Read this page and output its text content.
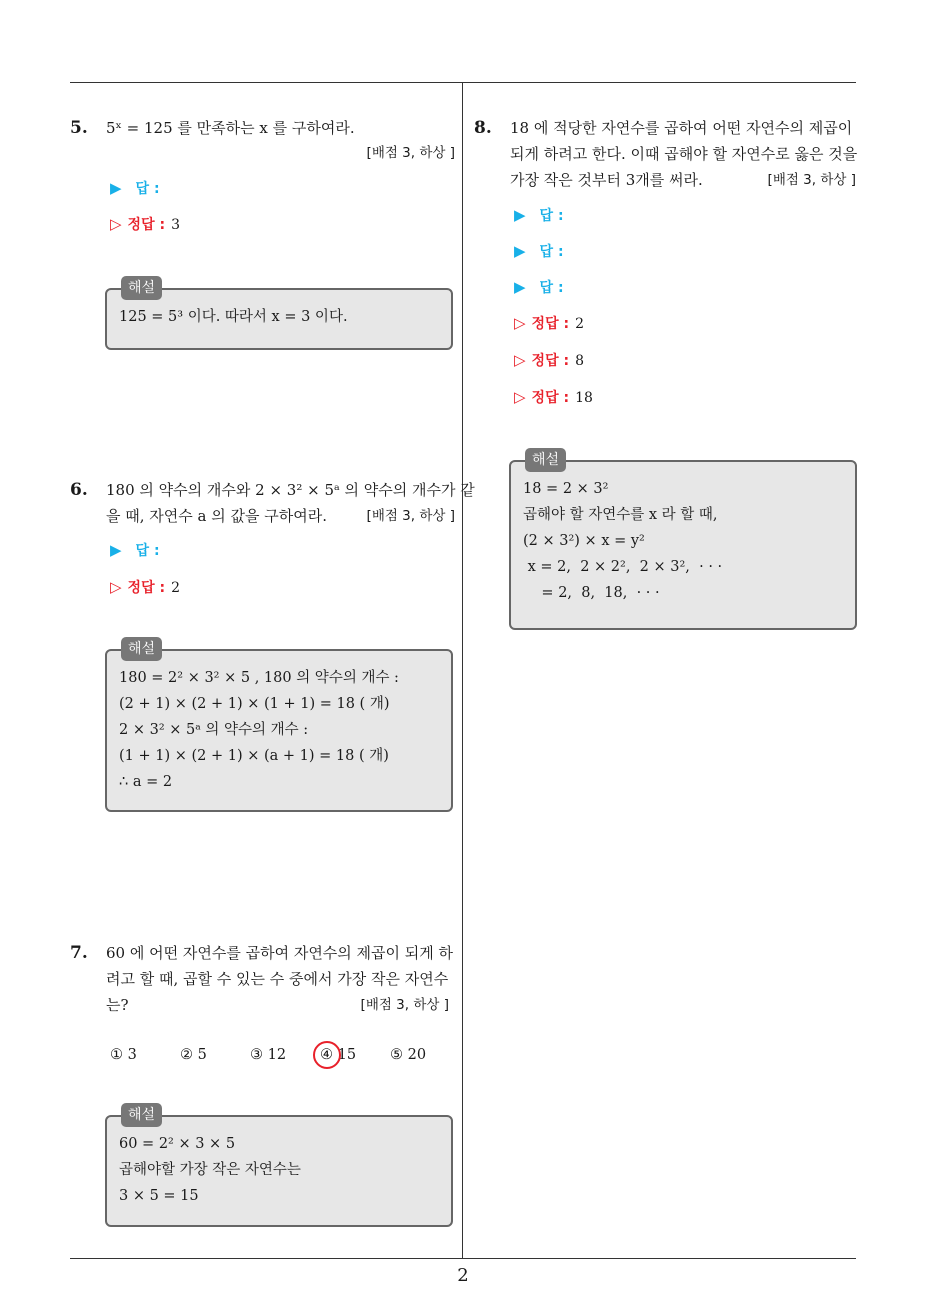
5. 5ˣ = 125 를 만족하는 x 를 구하여라.
[배점 3, 하상 ]
▶ 답 :
▷ 정답 : 3
해설
125 = 5³ 이다. 따라서 x = 3 이다.
6. 180 의 약수의 개수와 2 × 3² × 5ᵃ 의 약수의 개수가 같
을 때, 자연수 a 의 값을 구하여라.	[배점 3, 하상 ]
▶ 답 :
▷ 정답 : 2
해설
180 = 2² × 3² × 5 , 180 의 약수의 개수 :
(2 + 1) × (2 + 1) × (1 + 1) = 18 ( 개)
2 × 3² × 5ᵃ 의 약수의 개수 :
(1 + 1) × (2 + 1) × (a + 1) = 18 ( 개)
∴ a = 2
7. 60 에 어떤 자연수를 곱하여 자연수의 제곱이 되게 하
려고 할 때, 곱할 수 있는 수 중에서 가장 작은 자연수
는?	[배점 3, 하상 ]
① 3	② 5	③ 12 ④ 15 ⑤ 20
해설
60 = 2² × 3 × 5
곱해야할 가장 작은 자연수는
3 × 5 = 15
8. 18 에 적당한 자연수를 곱하여 어떤 자연수의 제곱이
되게 하려고 한다. 이때 곱해야 할 자연수로 옳은 것을
가장 작은 것부터 3개를 써라.	[배점 3, 하상 ]
▶ 답 :
▶ 답 :
▶ 답 :
▷ 정답 : 2
▷ 정답 : 8
▷ 정답 : 18
해설
18 = 2 × 3²
곱해야 할 자연수를 x 라 할 때,
(2 × 3²) × x = y²
x = 2,  2 × 2²,  2 × 3²,  · · ·
= 2,  8,  18,  · · ·
2
